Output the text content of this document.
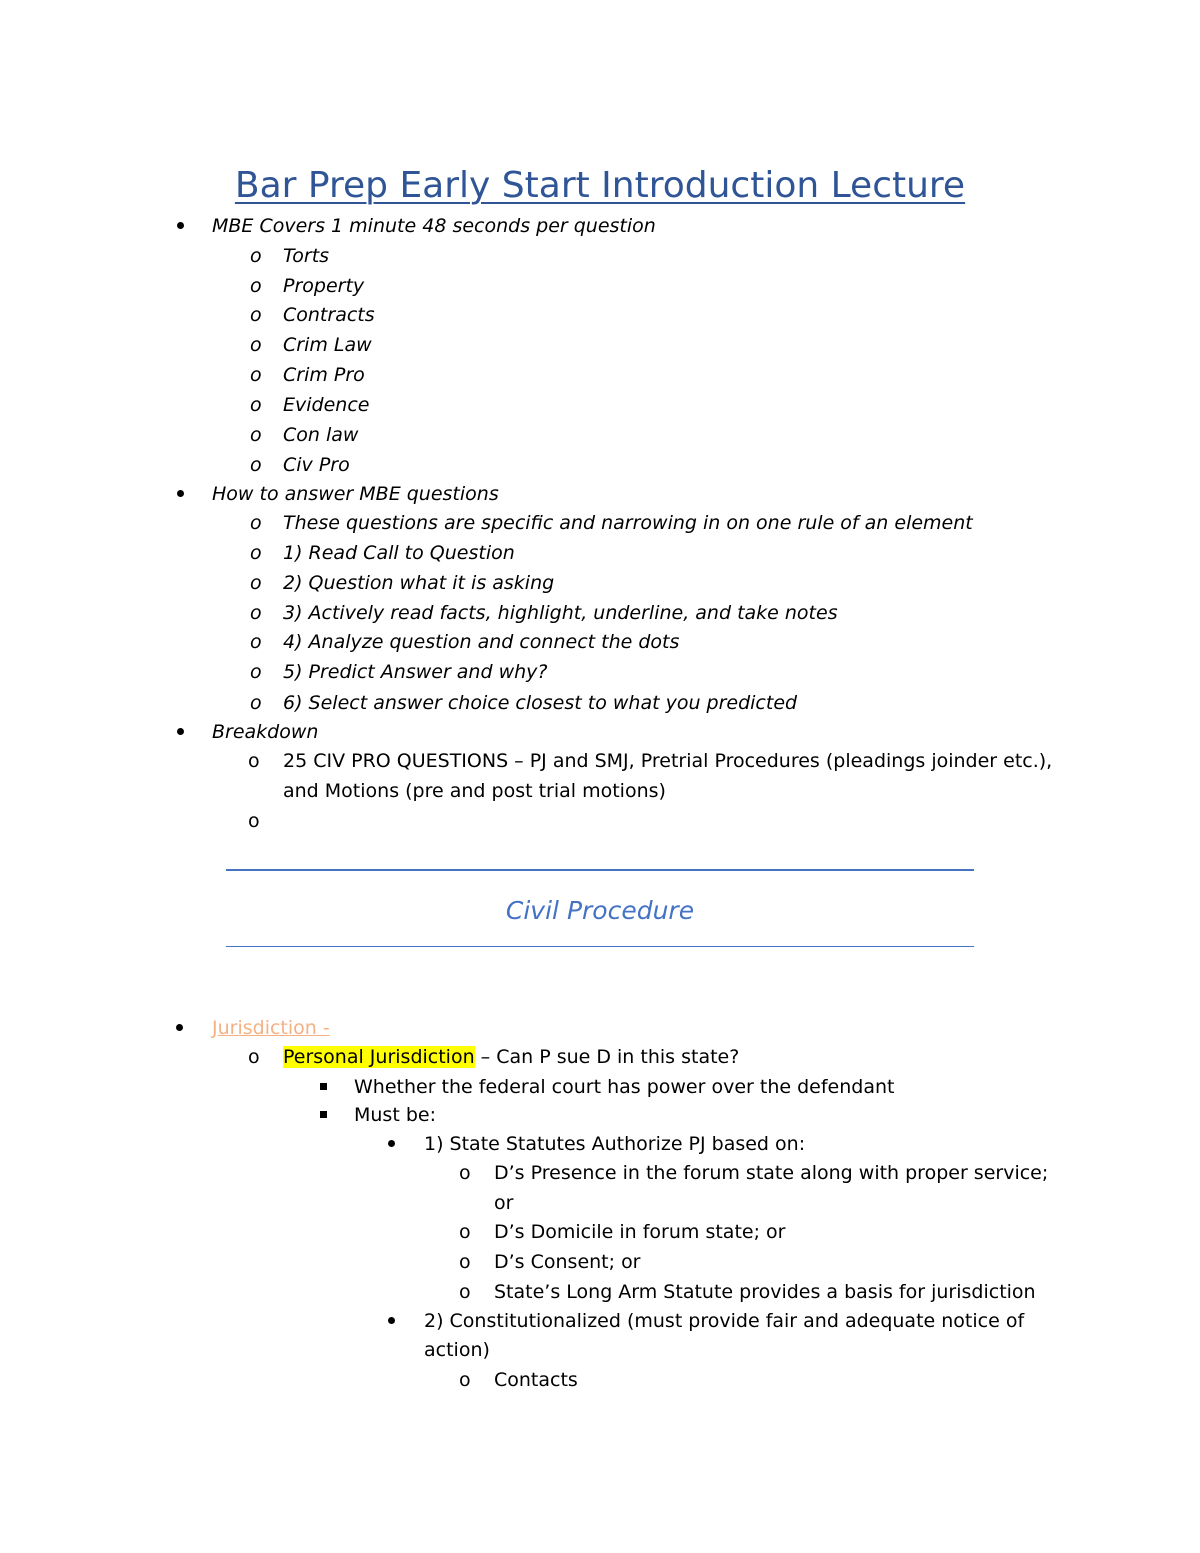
Bar Prep Early Start Introduction Lecture
MBE Covers 1 minute 48 seconds per question
o Torts
o Property
o Contracts
o Crim Law
o Crim Pro
o Evidence
o Con law
o Civ Pro
How to answer MBE questions
o These questions are specific and narrowing in on one rule of an element
o 1) Read Call to Question
o 2) Question what it is asking
o 3) Actively read facts, highlight, underline, and take notes
o 4) Analyze question and connect the dots
o 5) Predict Answer and why?
o 6) Select answer choice closest to what you predicted
Breakdown
o 25 CIV PRO QUESTIONS – PJ and SMJ, Pretrial Procedures (pleadings joinder etc.),
and Motions (pre and post trial motions)
o
Civil Procedure
Jurisdiction -
o Personal Jurisdiction – Can P sue D in this state?
Whether the federal court has power over the defendant
Must be:
1) State Statutes Authorize PJ based on:
o D’s Presence in the forum state along with proper service;
or
o D’s Domicile in forum state; or
o D’s Consent; or
o State’s Long Arm Statute provides a basis for jurisdiction
2) Constitutionalized (must provide fair and adequate notice of
action)
o Contacts
